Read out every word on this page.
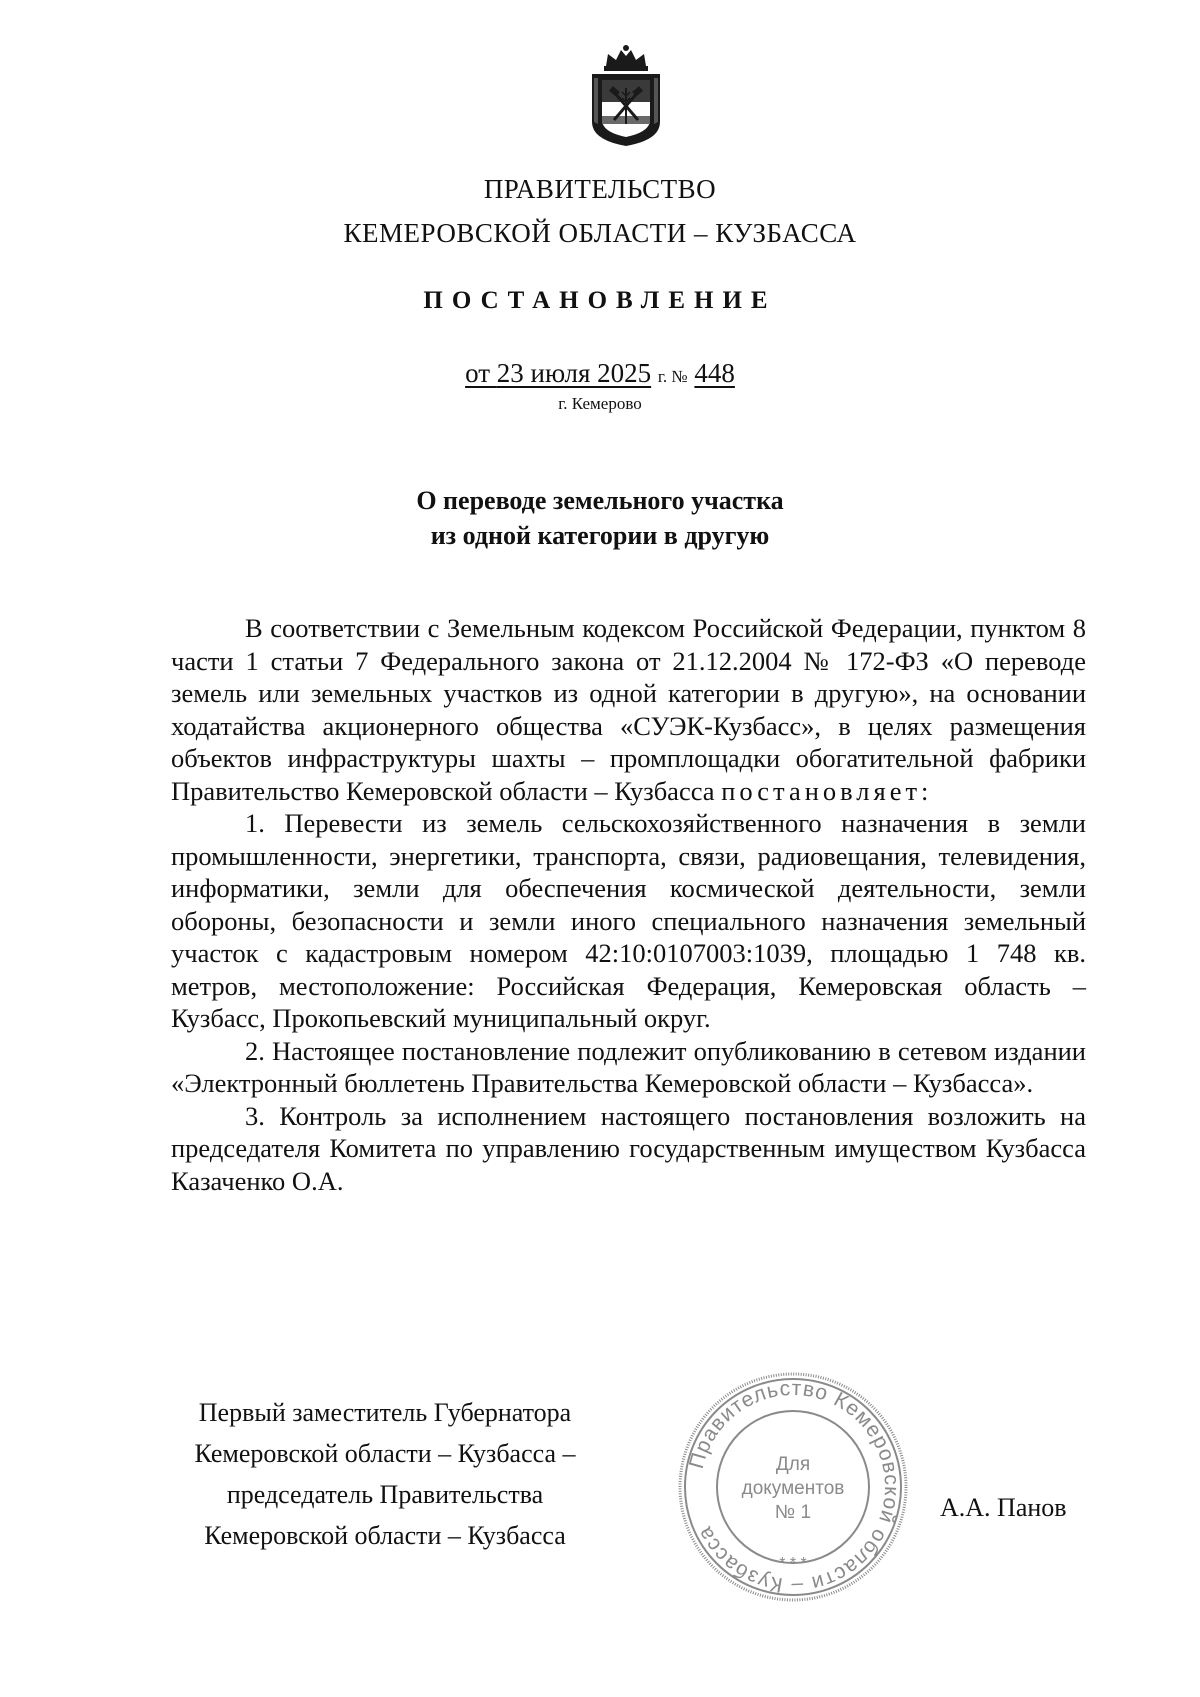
ПРАВИТЕЛЬСТВО
КЕМЕРОВСКОЙ ОБЛАСТИ – КУЗБАССА
ПОСТАНОВЛЕНИЕ
от 23 июля 2025 г. № 448
г. Кемерово
О переводе земельного участка
из одной категории в другую

В соответствии с Земельным кодексом Российской Федерации, пунктом 8 части 1 статьи 7 Федерального закона от 21.12.2004 № 172-ФЗ «О переводе земель или земельных участков из одной категории в другую», на основании ходатайства акционерного общества «СУЭК-Кузбасс», в целях размещения объектов инфраструктуры шахты – промплощадки обогатительной фабрики Правительство Кемеровской области – Кузбасса постановляет:

1. Перевести из земель сельскохозяйственного назначения в земли промышленности, энергетики, транспорта, связи, радиовещания, телевидения, информатики, земли для обеспечения космической деятельности, земли обороны, безопасности и земли иного специального назначения земельный участок с кадастровым номером 42:10:0107003:1039, площадью 1 748 кв. метров, местоположение: Российская Федерация, Кемеровская область – Кузбасс, Прокопьевский муниципальный округ.

2. Настоящее постановление подлежит опубликованию в сетевом издании «Электронный бюллетень Правительства Кемеровской области – Кузбасса».

3. Контроль за исполнением настоящего постановления возложить на председателя Комитета по управлению государственным имуществом Кузбасса Казаченко О.А.

Первый заместитель Губернатора
Кемеровской области – Кузбасса –
председатель Правительства
Кемеровской области – Кузбасса
Правительство Кемеровской области – Кузбасса
* * *
Для
документов
№ 1	А.А. Панов
